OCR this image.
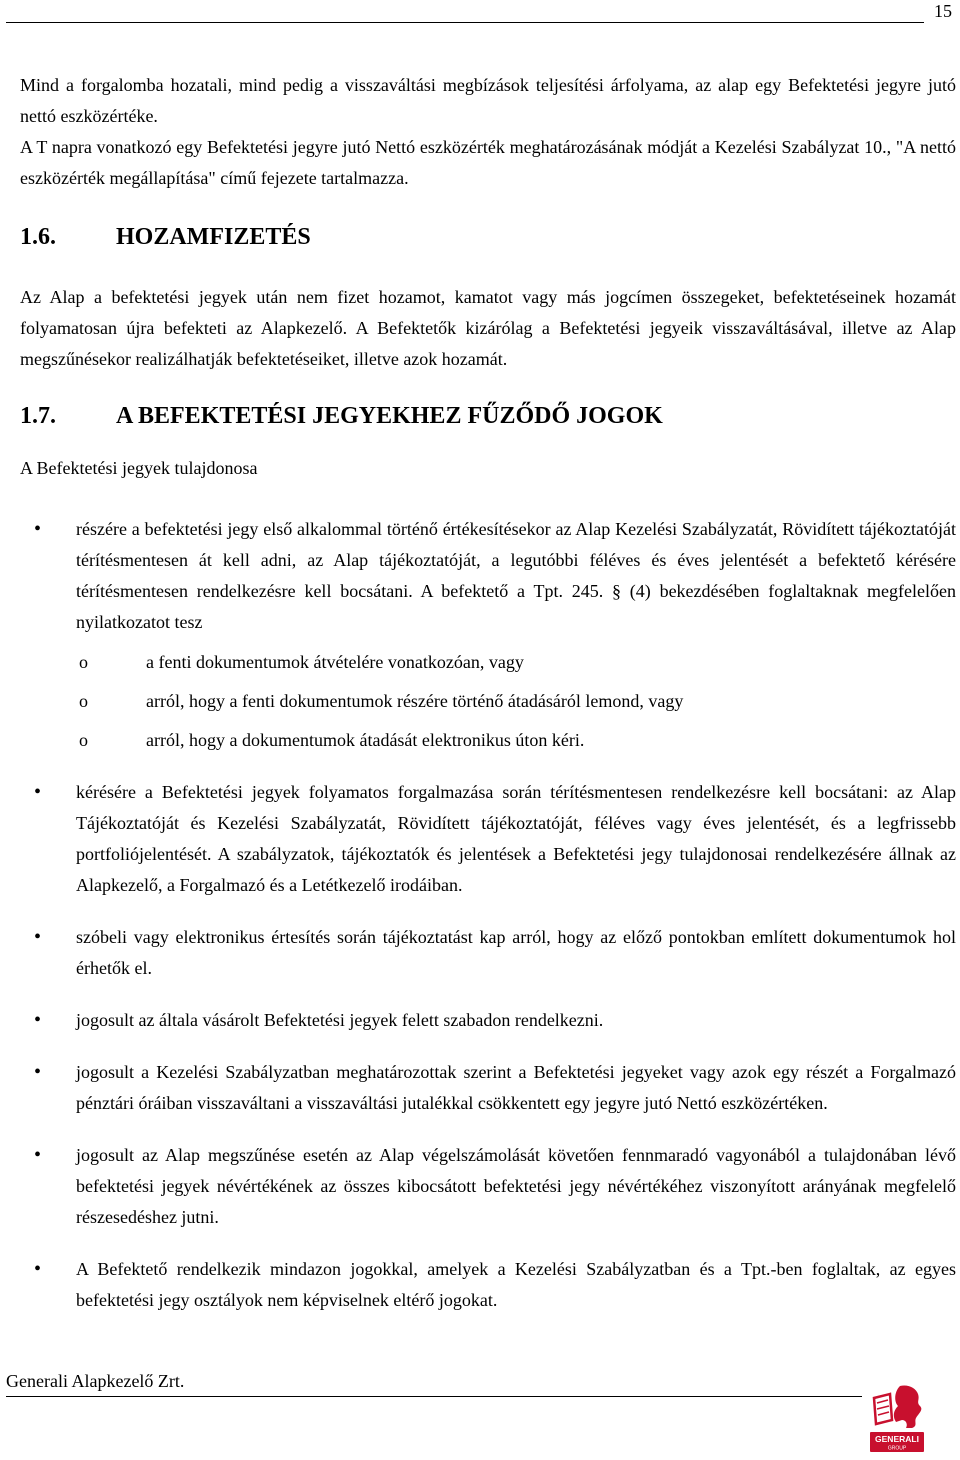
15

Mind a forgalomba hozatali, mind pedig a visszaváltási megbízások teljesítési árfolyama, az alap egy Befektetési jegyre jutó nettó eszközértéke.

A T napra vonatkozó egy Befektetési jegyre jutó Nettó eszközérték meghatározásának módját a Kezelési Szabályzat 10., "A nettó eszközérték megállapítása" című fejezete tartalmazza.

1.6.	HOZAMFIZETÉS

Az Alap a befektetési jegyek után nem fizet hozamot, kamatot vagy más jogcímen összegeket, befektetéseinek hozamát folyamatosan újra befekteti az Alapkezelő. A Befektetők kizárólag a Befektetési jegyeik visszaváltásával, illetve az Alap megszűnésekor realizálhatják befektetéseiket, illetve azok hozamát.

1.7.	A BEFEKTETÉSI JEGYEKHEZ FŰZŐDŐ JOGOK

A Befektetési jegyek tulajdonosa

• részére a befektetési jegy első alkalommal történő értékesítésekor az Alap Kezelési Szabályzatát, Rövidített tájékoztatóját térítésmentesen át kell adni, az Alap tájékoztatóját, a legutóbbi féléves és éves jelentését a befektető kérésére térítésmentesen rendelkezésre kell bocsátani. A befektető a Tpt. 245. § (4) bekezdésében foglaltaknak megfelelően nyilatkozatot tesz
o	a fenti dokumentumok átvételére vonatkozóan, vagy
o	arról, hogy a fenti dokumentumok részére történő átadásáról lemond, vagy
o	arról, hogy a dokumentumok átadását elektronikus úton kéri.
• kérésére a Befektetési jegyek folyamatos forgalmazása során térítésmentesen rendelkezésre kell bocsátani: az Alap Tájékoztatóját és Kezelési Szabályzatát, Rövidített tájékoztatóját, féléves vagy éves jelentését, és a legfrissebb portfoliójelentését. A szabályzatok, tájékoztatók és jelentések a Befektetési jegy tulajdonosai rendelkezésére állnak az Alapkezelő, a Forgalmazó és a Letétkezelő irodáiban.
• szóbeli vagy elektronikus értesítés során tájékoztatást kap arról, hogy az előző pontokban említett dokumentumok hol érhetők el.
• jogosult az általa vásárolt Befektetési jegyek felett szabadon rendelkezni.
• jogosult a Kezelési Szabályzatban meghatározottak szerint a Befektetési jegyeket vagy azok egy részét a Forgalmazó pénztári óráiban visszaváltani a visszaváltási jutalékkal csökkentett egy jegyre jutó Nettó eszközértéken.
• jogosult az Alap megszűnése esetén az Alap végelszámolását követően fennmaradó vagyonából a tulajdonában lévő befektetési jegyek névértékének az összes kibocsátott befektetési jegy névértékéhez viszonyított arányának megfelelő részesedéshez jutni.
• A Befektető rendelkezik mindazon jogokkal, amelyek a Kezelési Szabályzatban és a Tpt.-ben foglaltak, az egyes befektetési jegy osztályok nem képviselnek eltérő jogokat.
Generali Alapkezelő Zrt.
GENERALI
GROUP
